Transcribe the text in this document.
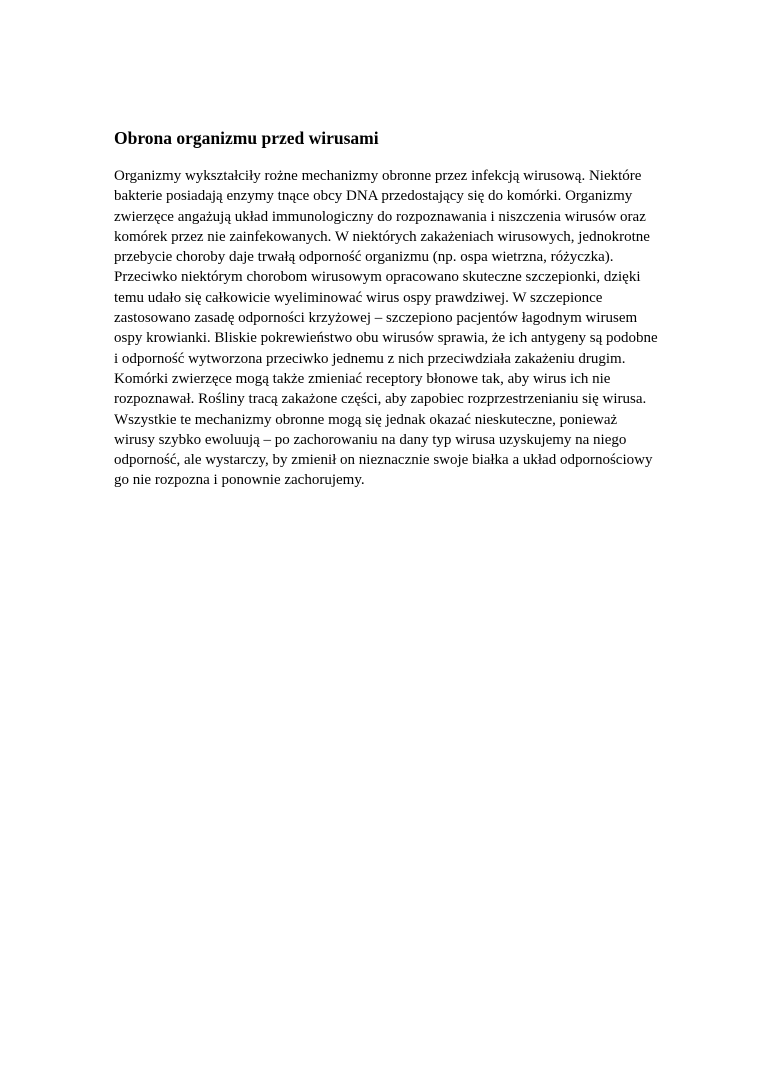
Obrona organizmu przed wirusami

Organizmy wykształciły rożne mechanizmy obronne przez infekcją wirusową. Niektóre
bakterie posiadają enzymy tnące obcy DNA przedostający się do komórki. Organizmy
zwierzęce angażują układ immunologiczny do rozpoznawania i niszczenia wirusów oraz
komórek przez nie zainfekowanych. W niektórych zakażeniach wirusowych, jednokrotne
przebycie choroby daje trwałą odporność organizmu (np. ospa wietrzna, różyczka).
Przeciwko niektórym chorobom wirusowym opracowano skuteczne szczepionki, dzięki
temu udało się całkowicie wyeliminować wirus ospy prawdziwej. W szczepionce
zastosowano zasadę odporności krzyżowej – szczepiono pacjentów łagodnym wirusem
ospy krowianki. Bliskie pokrewieństwo obu wirusów sprawia, że ich antygeny są podobne
i odporność wytworzona przeciwko jednemu z nich przeciwdziała zakażeniu drugim.
Komórki zwierzęce mogą także zmieniać receptory błonowe tak, aby wirus ich nie
rozpoznawał. Rośliny tracą zakażone części, aby zapobiec rozprzestrzenianiu się wirusa.
Wszystkie te mechanizmy obronne mogą się jednak okazać nieskuteczne, ponieważ
wirusy szybko ewoluują – po zachorowaniu na dany typ wirusa uzyskujemy na niego
odporność, ale wystarczy, by zmienił on nieznacznie swoje białka a układ odpornościowy
go nie rozpozna i ponownie zachorujemy.
